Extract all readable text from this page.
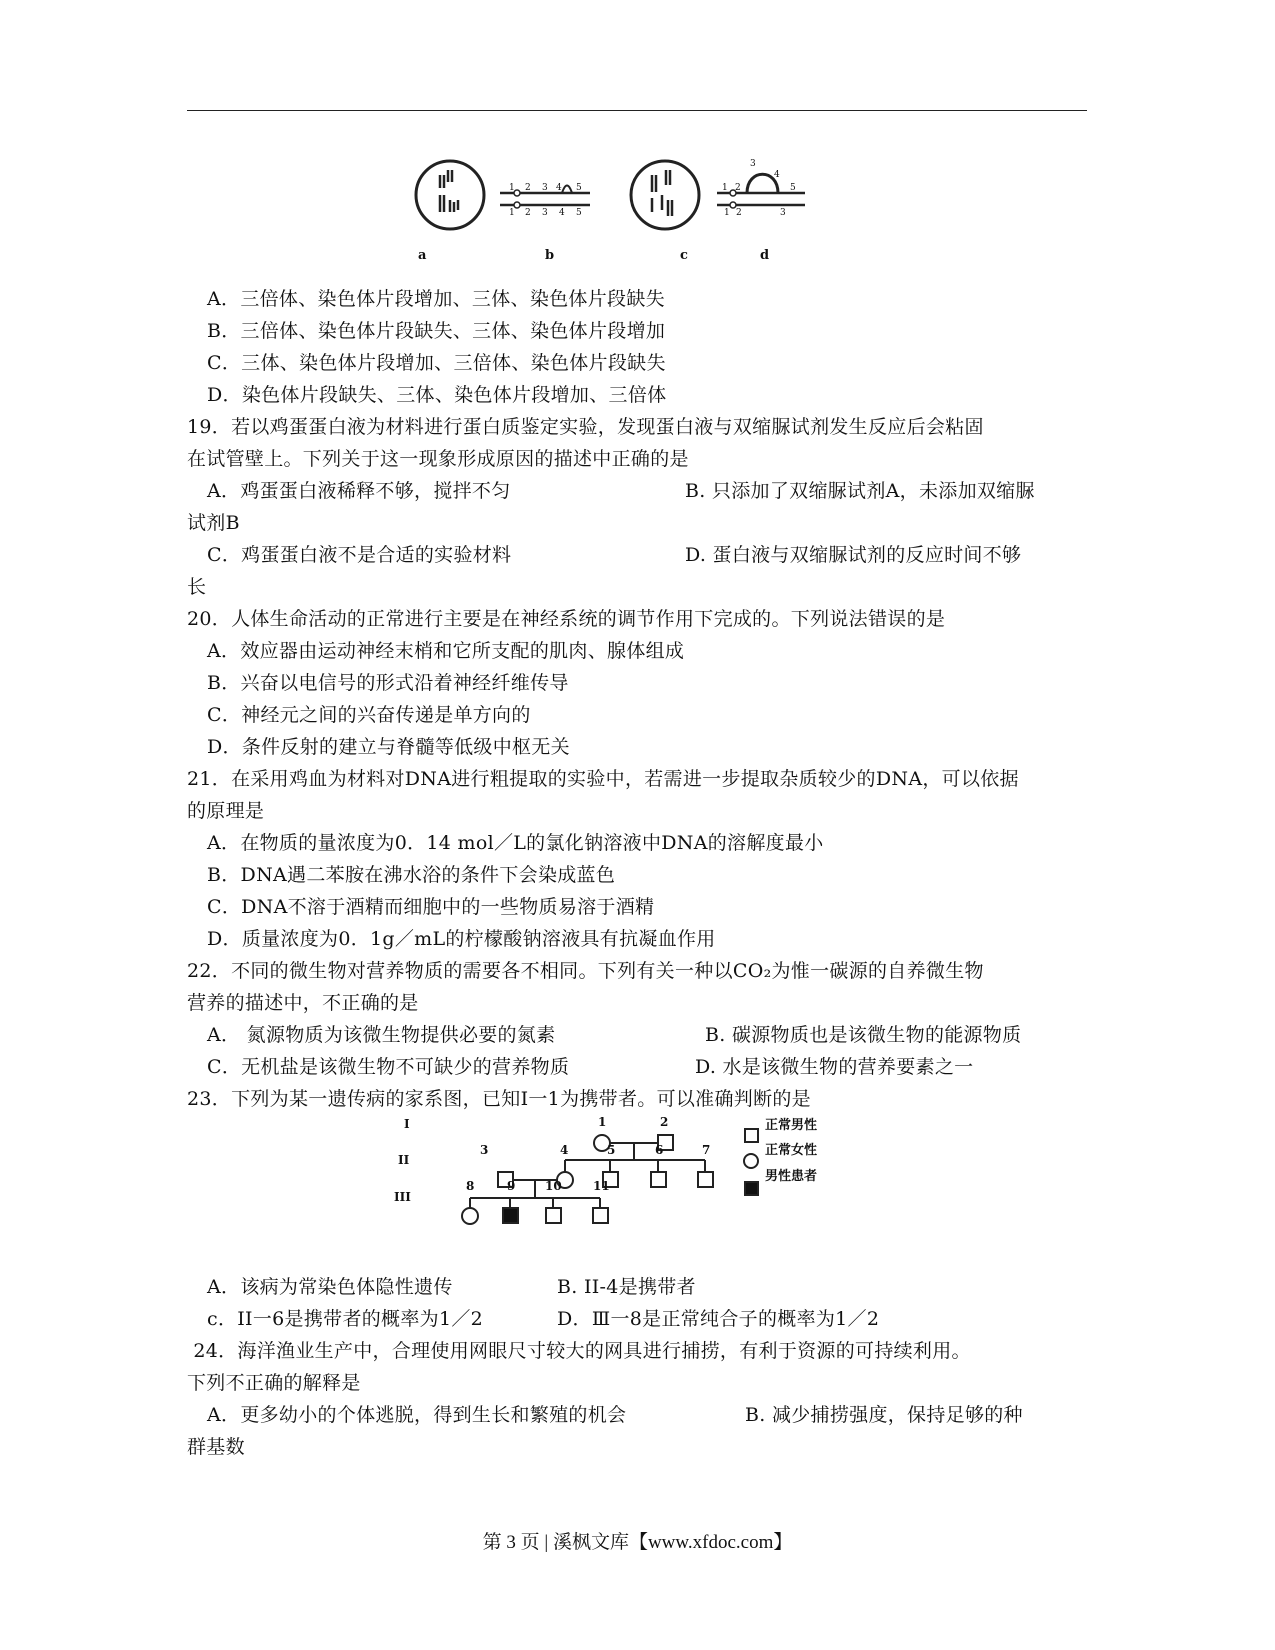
1 2 3 4 5
1 2 3 4 5
1 2
3
4
5
1 2	3
a	b	c	d
A．三倍体、染色体片段增加、三体、染色体片段缺失
B．三倍体、染色体片段缺失、三体、染色体片段增加
C．三体、染色体片段增加、三倍体、染色体片段缺失
D．染色体片段缺失、三体、染色体片段增加、三倍体
19．若以鸡蛋蛋白液为材料进行蛋白质鉴定实验，发现蛋白液与双缩脲试剂发生反应后会粘固
在试管壁上。下列关于这一现象形成原因的描述中正确的是
A．鸡蛋蛋白液稀释不够，搅拌不匀	B. 只添加了双缩脲试剂A，未添加双缩脲
试剂B
C．鸡蛋蛋白液不是合适的实验材料	D. 蛋白液与双缩脲试剂的反应时间不够
长
20．人体生命活动的正常进行主要是在神经系统的调节作用下完成的。下列说法错误的是
A．效应器由运动神经末梢和它所支配的肌肉、腺体组成
B．兴奋以电信号的形式沿着神经纤维传导
C．神经元之间的兴奋传递是单方向的
D．条件反射的建立与脊髓等低级中枢无关
21．在采用鸡血为材料对DNA进行粗提取的实验中，若需进一步提取杂质较少的DNA，可以依据
的原理是
A．在物质的量浓度为0．14 mol／L的氯化钠溶液中DNA的溶解度最小
B．DNA遇二苯胺在沸水浴的条件下会染成蓝色
C．DNA不溶于酒精而细胞中的一些物质易溶于酒精
D．质量浓度为0．1g／mL的柠檬酸钠溶液具有抗凝血作用
22．不同的微生物对营养物质的需要各不相同。下列有关一种以CO₂为惟一碳源的自养微生物
营养的描述中，不正确的是
A． 氮源物质为该微生物提供必要的氮素	B. 碳源物质也是该微生物的能源物质
C．无机盐是该微生物不可缺少的营养物质	D. 水是该微生物的营养要素之一
23．下列为某一遗传病的家系图，已知I一1为携带者。可以准确判断的是
I
II
III
1	2
3	4	5	6	7
8	9 10	11
正常男性
正常女性
男性患者
A．该病为常染色体隐性遗传	B. II-4是携带者
c．II一6是携带者的概率为1／2	D．Ⅲ一8是正常纯合子的概率为1／2
24．海洋渔业生产中，合理使用网眼尺寸较大的网具进行捕捞，有利于资源的可持续利用。
下列不正确的解释是
A．更多幼小的个体逃脱，得到生长和繁殖的机会	B. 减少捕捞强度，保持足够的种
群基数
第 3 页 | 溪枫文库【www.xfdoc.com】
